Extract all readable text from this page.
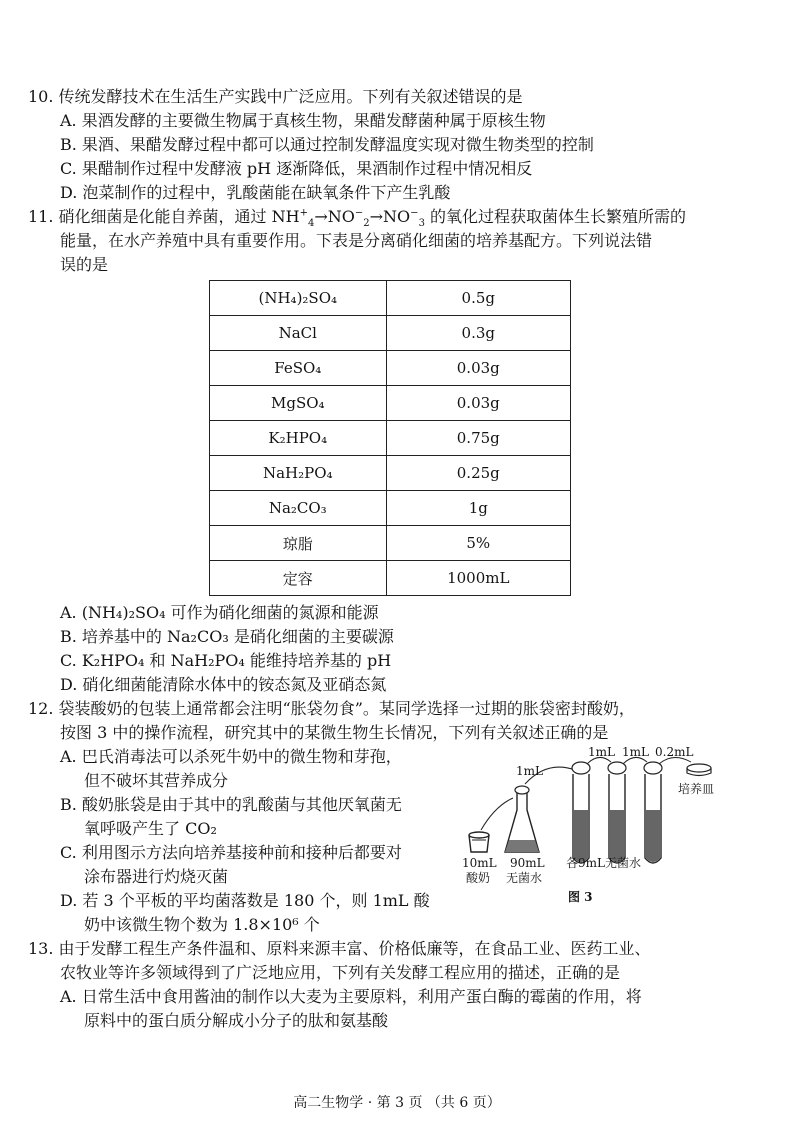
10. 传统发酵技术在生活生产实践中广泛应用。下列有关叙述错误的是
A. 果酒发酵的主要微生物属于真核生物，果醋发酵菌种属于原核生物
B. 果酒、果醋发酵过程中都可以通过控制发酵温度实现对微生物类型的控制
C. 果醋制作过程中发酵液 pH 逐渐降低，果酒制作过程中情况相反
D. 泡菜制作的过程中，乳酸菌能在缺氧条件下产生乳酸
11. 硝化细菌是化能自养菌，通过 $NH^+_4\to NO^-_2\to NO^-_3$ 的氧化过程获取菌体生长繁殖所需的
能量，在水产养殖中具有重要作用。下表是分离硝化细菌的培养基配方。下列说法错
误的是
(NH₄)₂SO₄	0.5g
NaCl	0.3g
FeSO₄	0.03g
MgSO₄	0.03g
K₂HPO₄	0.75g
NaH₂PO₄	0.25g
Na₂CO₃	1g
琼脂	5%
定容	1000mL
A. (NH₄)₂SO₄ 可作为硝化细菌的氮源和能源
B. 培养基中的 Na₂CO₃ 是硝化细菌的主要碳源
C. K₂HPO₄ 和 NaH₂PO₄ 能维持培养基的 pH
D. 硝化细菌能清除水体中的铵态氮及亚硝态氮
12. 袋装酸奶的包装上通常都会注明“胀袋勿食”。某同学选择一过期的胀袋密封酸奶，
按图 3 中的操作流程，研究其中的某微生物生长情况，下列有关叙述正确的是
A. 巴氏消毒法可以杀死牛奶中的微生物和芽孢，
但不破坏其营养成分
B. 酸奶胀袋是由于其中的乳酸菌与其他厌氧菌无
氧呼吸产生了 CO₂
C. 利用图示方法向培养基接种前和接种后都要对
涂布器进行灼烧灭菌
D. 若 3 个平板的平均菌落数是 180 个，则 1mL 酸
奶中该微生物个数为 1.8×10⁶ 个
1mL
1mL 1mL 0.2mL
培养皿
10mL
酸奶
90mL
无菌水
各9mL无菌水
图 3
13. 由于发酵工程生产条件温和、原料来源丰富、价格低廉等，在食品工业、医药工业、
农牧业等许多领域得到了广泛地应用，下列有关发酵工程应用的描述，正确的是
A. 日常生活中食用酱油的制作以大麦为主要原料，利用产蛋白酶的霉菌的作用，将
原料中的蛋白质分解成小分子的肽和氨基酸
高二生物学 · 第 3 页 （共 6 页）
